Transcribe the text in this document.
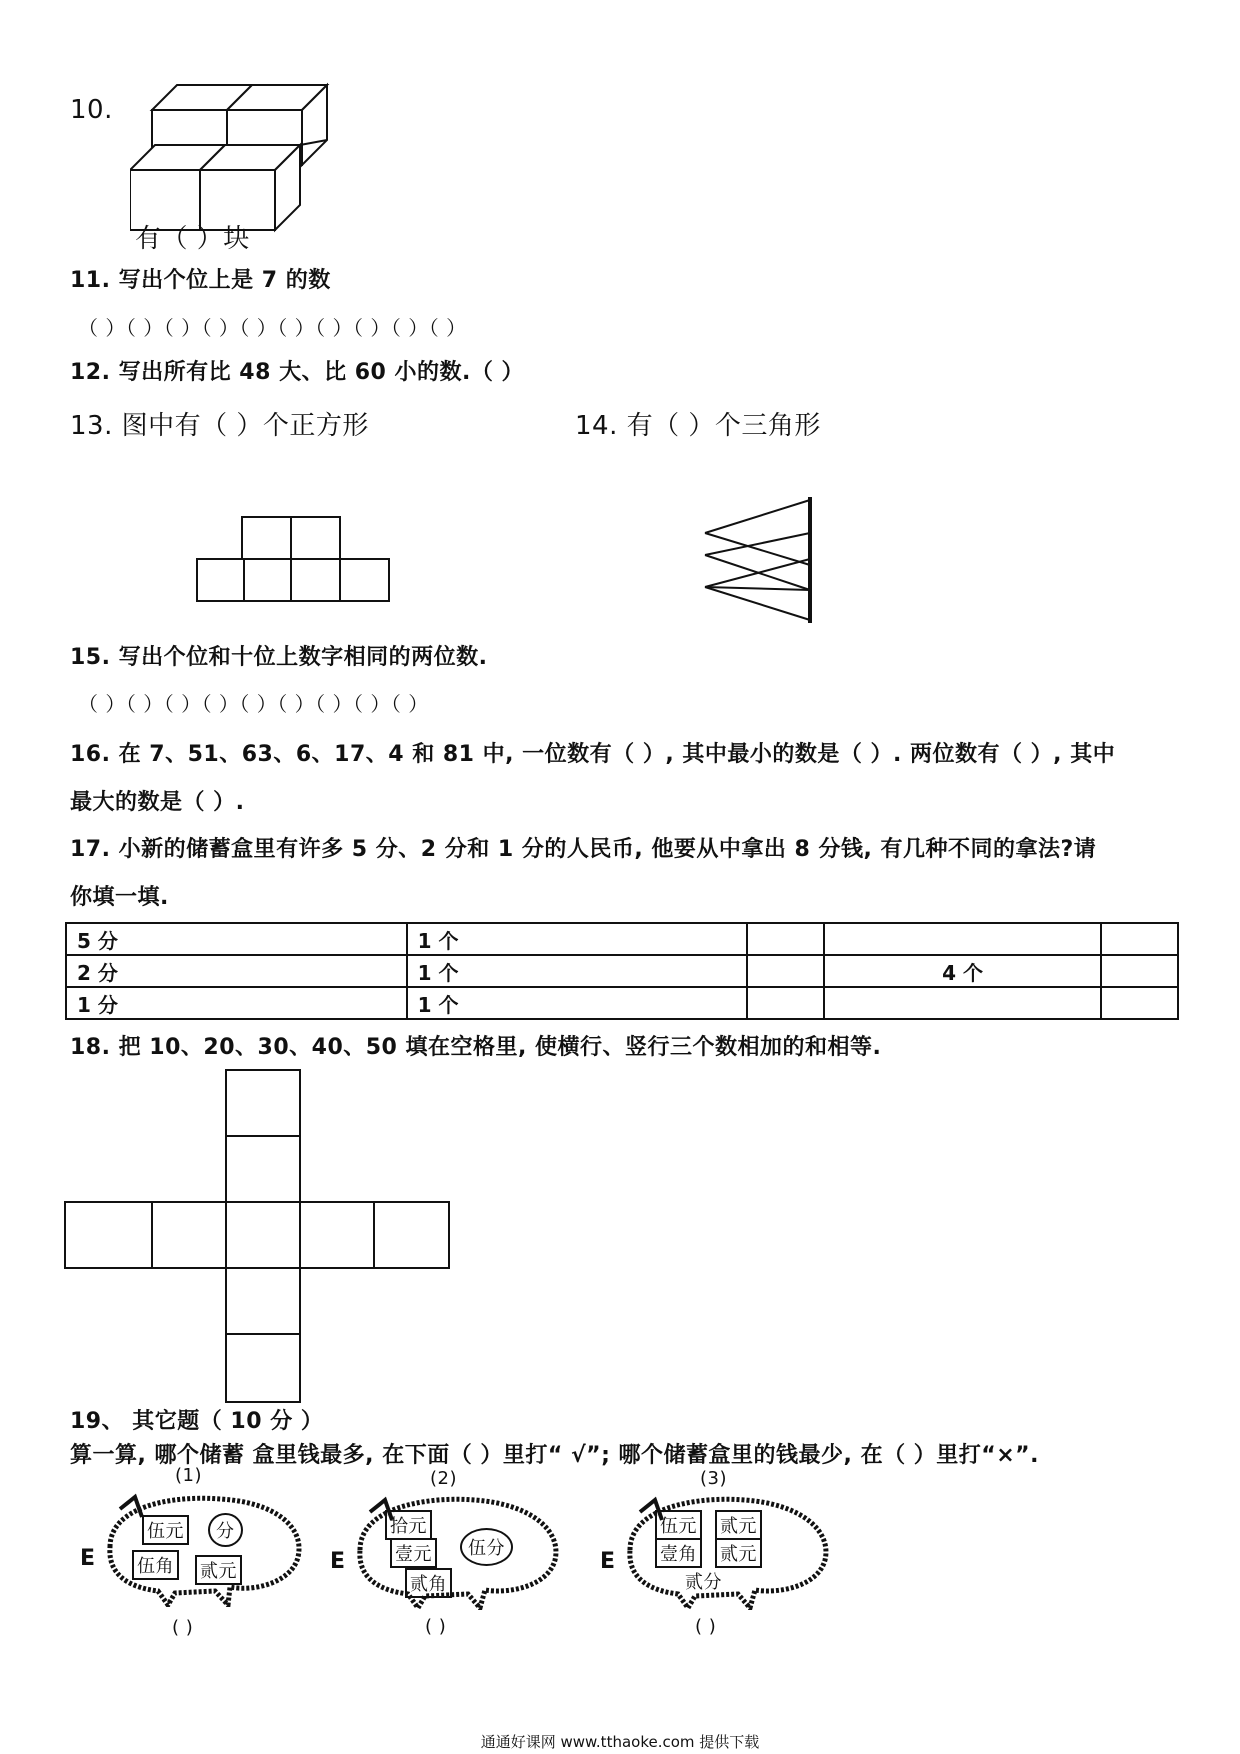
10.
有（ ）块
11. 写出个位上是 7 的数
（ ）（ ）（ ）（ ）（ ）（ ）（ ）（ ）（ ）（ ）
12. 写出所有比 48 大、比 60 小的数.（ ）
13. 图中有（ ）个正方形	14. 有（ ）个三角形
15. 写出个位和十位上数字相同的两位数.
（ ）（ ）（ ）（ ）（ ）（ ）（ ）（ ）（ ）
16. 在 7、51、63、6、17、4 和 81 中, 一位数有（ ）, 其中最小的数是（ ）. 两位数有（ ）, 其中
最大的数是（ ）.
17. 小新的储蓄盒里有许多 5 分、2 分和 1 分的人民币, 他要从中拿出 8 分钱, 有几种不同的拿法?请
你填一填.
5 分	1 个			
2 分	1 个		4 个	
1 分	1 个			
18. 把 10、20、30、40、50 填在空格里, 使横行、竖行三个数相加的和相等.
19、 其它题（ 10 分 ）
算一算, 哪个储蓄 盒里钱最多, 在下面（ ）里打“ √”; 哪个储蓄盒里的钱最少, 在（ ）里打“×”.
(1)
E
伍元	分
伍角 贰元
( )
(2)
E
拾元
壹元	伍分
贰角
( )
(3)
E
伍元 贰元
壹角 贰元
贰分
( )
通通好课网 www.tthaoke.com 提供下载
